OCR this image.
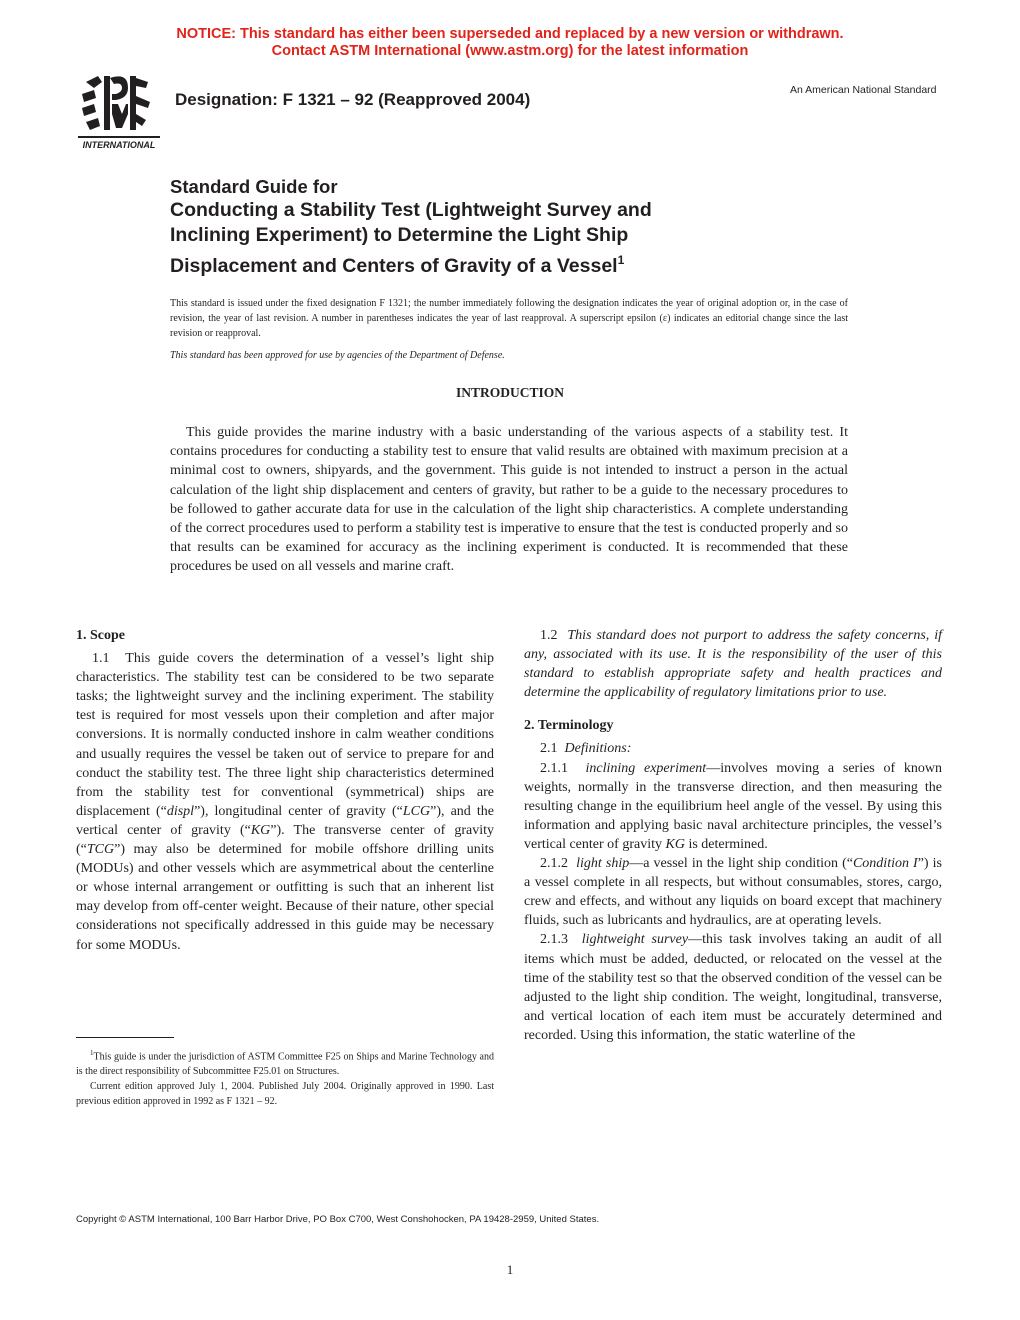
NOTICE: This standard has either been superseded and replaced by a new version or withdrawn.
Contact ASTM International (www.astm.org) for the latest information
INTERNATIONAL
Designation: F 1321 – 92 (Reapproved 2004)	An American National Standard
Standard Guide for
Conducting a Stability Test (Lightweight Survey and
Inclining Experiment) to Determine the Light Ship
Displacement and Centers of Gravity of a Vessel$^1$
This standard is issued under the fixed designation F 1321; the number immediately following the designation indicates the year of original adoption or, in the case of revision, the year of last revision. A number in parentheses indicates the year of last reapproval. A superscript epsilon (ε) indicates an editorial change since the last revision or reapproval.
This standard has been approved for use by agencies of the Department of Defense.
INTRODUCTION
This guide provides the marine industry with a basic understanding of the various aspects of a stability test. It contains procedures for conducting a stability test to ensure that valid results are obtained with maximum precision at a minimal cost to owners, shipyards, and the government. This guide is not intended to instruct a person in the actual calculation of the light ship displacement and centers of gravity, but rather to be a guide to the necessary procedures to be followed to gather accurate data for use in the calculation of the light ship characteristics. A complete understanding of the correct procedures used to perform a stability test is imperative to ensure that the test is conducted properly and so that results can be examined for accuracy as the inclining experiment is conducted. It is recommended that these procedures be used on all vessels and marine craft.
1. Scope

1.1 This guide covers the determination of a vessel’s light ship characteristics. The stability test can be considered to be two separate tasks; the lightweight survey and the inclining experiment. The stability test is required for most vessels upon their completion and after major conversions. It is normally conducted inshore in calm weather conditions and usually requires the vessel be taken out of service to prepare for and conduct the stability test. The three light ship characteristics determined from the stability test for conventional (symmetrical) ships are displacement (“displ”), longitudinal center of gravity (“LCG”), and the vertical center of gravity (“KG”). The transverse center of gravity (“TCG”) may also be determined for mobile offshore drilling units (MODUs) and other vessels which are asymmetrical about the centerline or whose internal arrangement or outfitting is such that an inherent list may develop from off-center weight. Because of their nature, other special considerations not specifically addressed in this guide may be necessary for some MODUs.

1.2 This standard does not purport to address the safety concerns, if any, associated with its use. It is the responsibility of the user of this standard to establish appropriate safety and health practices and determine the applicability of regulatory limitations prior to use.

2. Terminology

2.1 Definitions:

2.1.1 inclining experiment—involves moving a series of known weights, normally in the transverse direction, and then measuring the resulting change in the equilibrium heel angle of the vessel. By using this information and applying basic naval architecture principles, the vessel’s vertical center of gravity KG is determined.

2.1.2 light ship—a vessel in the light ship condition (“Condition I”) is a vessel complete in all respects, but without consumables, stores, cargo, crew and effects, and without any liquids on board except that machinery fluids, such as lubricants and hydraulics, are at operating levels.

2.1.3 lightweight survey—this task involves taking an audit of all items which must be added, deducted, or relocated on the vessel at the time of the stability test so that the observed condition of the vessel can be adjusted to the light ship condition. The weight, longitudinal, transverse, and vertical location of each item must be accurately determined and recorded. Using this information, the static waterline of the

$^1$This guide is under the jurisdiction of ASTM Committee F25 on Ships and Marine Technology and is the direct responsibility of Subcommittee F25.01 on Structures.

Current edition approved July 1, 2004. Published July 2004. Originally approved in 1990. Last previous edition approved in 1992 as F 1321 – 92.

Copyright © ASTM International, 100 Barr Harbor Drive, PO Box C700, West Conshohocken, PA 19428-2959, United States.
1
